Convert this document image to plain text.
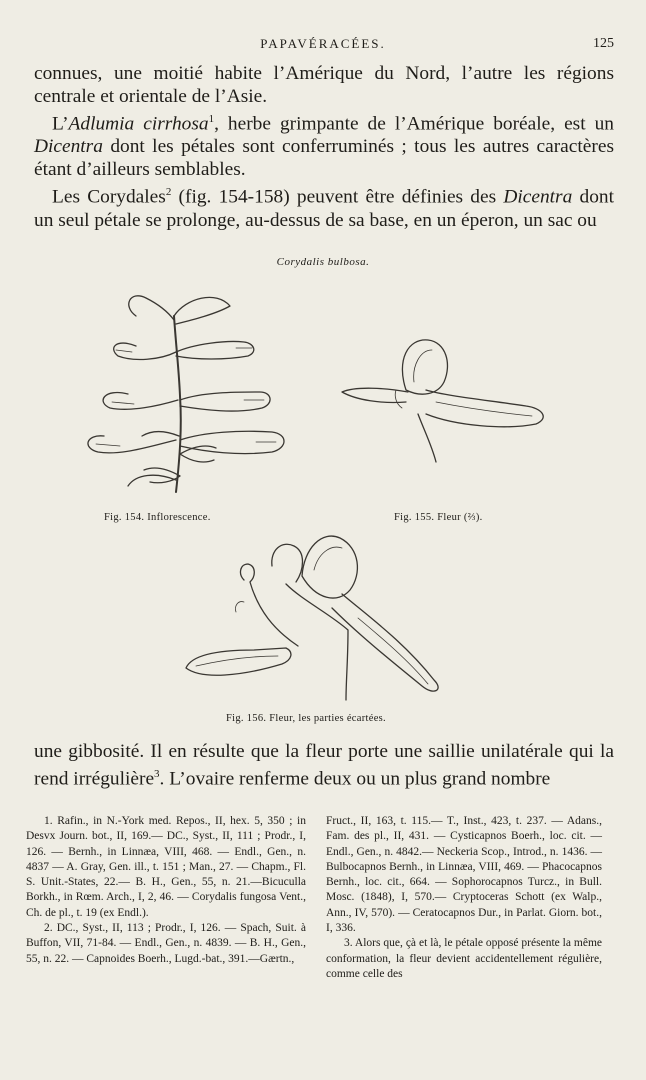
PAPAVÉRACÉES.	125

connues, une moitié habite l’Amérique du Nord, l’autre les régions centrale et orientale de l’Asie.

L’Adlumia cirrhosa$^1$, herbe grimpante de l’Amérique boréale, est un Dicentra dont les pétales sont conferruminés ; tous les autres caractères étant d’ailleurs semblables.

Les Corydales$^2$ (fig. 154-158) peuvent être définies des Dicentra dont un seul pétale se prolonge, au-dessus de sa base, en un éperon, un sac ou

Corydalis bulbosa.
Fig. 154. Inflorescence.	Fig. 155. Fleur (⅔).
Fig. 156. Fleur, les parties écartées.

une gibbosité. Il en résulte que la fleur porte une saillie unilatérale qui la rend irrégulière$^3$. L’ovaire renferme deux ou un plus grand nombre

1. Rafin., in N.-York med. Repos., II, hex. 5, 350 ; in Desvx Journ. bot., II, 169.— DC., Syst., II, 111 ; Prodr., I, 126. — Bernh., in Linnæa, VIII, 468. — Endl., Gen., n. 4837 — A. Gray, Gen. ill., t. 151 ; Man., 27. — Chapm., Fl. S. Unit.-States, 22.— B. H., Gen., 55, n. 21.—Bicuculla Borkh., in Rœm. Arch., I, 2, 46. — Corydalis fungosa Vent., Ch. de pl., t. 19 (ex Endl.).

2. DC., Syst., II, 113 ; Prodr., I, 126. — Spach, Suit. à Buffon, VII, 71-84. — Endl., Gen., n. 4839. — B. H., Gen., 55, n. 22. — Capnoides Boerh., Lugd.-bat., 391.—Gærtn.,

Fruct., II, 163, t. 115.— T., Inst., 423, t. 237. — Adans., Fam. des pl., II, 431. — Cysticapnos Boerh., loc. cit. — Endl., Gen., n. 4842.— Neckeria Scop., Introd., n. 1436. — Bulbocapnos Bernh., in Linnæa, VIII, 469. — Phacocapnos Bernh., loc. cit., 664. — Sophorocapnos Turcz., in Bull. Mosc. (1848), I, 570.— Cryptoceras Schott (ex Walp., Ann., IV, 570). — Ceratocapnos Dur., in Parlat. Giorn. bot., I, 336.

3. Alors que, çà et là, le pétale opposé présente la même conformation, la fleur devient accidentellement régulière, comme celle des
